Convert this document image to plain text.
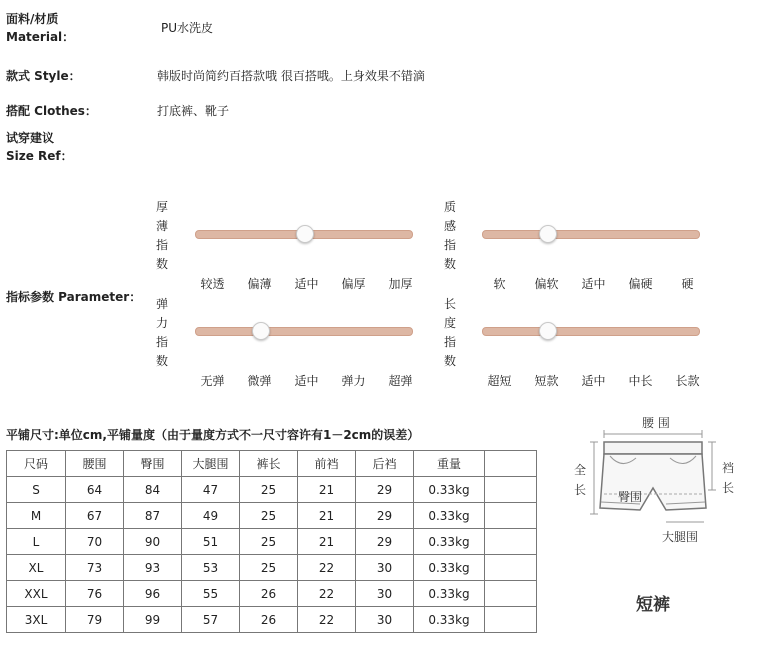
面料/材质
Material：
PU水洗皮
款式 Style：	韩版时尚简约百搭款哦 很百搭哦。上身效果不错滴
搭配 Clothes：	打底裤、靴子
试穿建议
Size Ref：
指标参数 Parameter：
厚薄指数
较透	偏薄	适中	偏厚	加厚
质感指数
软	偏软	适中	偏硬	硬
弹力指数
无弹	微弹	适中	弹力	超弹
长度指数
超短	短款	适中	中长	长款
平铺尺寸:单位cm,平铺量度（由于量度方式不一尺寸容许有1－2cm的误差）
尺码	腰围	臀围	大腿围	裤长	前裆	后裆	重量	
S	64	84	47	25	21	29	0.33kg	
M	67	87	49	25	21	29	0.33kg	
L	70	90	51	25	21	29	0.33kg	
XL	73	93	53	25	22	30	0.33kg	
XXL	76	96	55	26	22	30	0.33kg	
3XL	79	99	57	26	22	30	0.33kg	
腰 围
全长
裆长
臀围
大腿围
短裤
